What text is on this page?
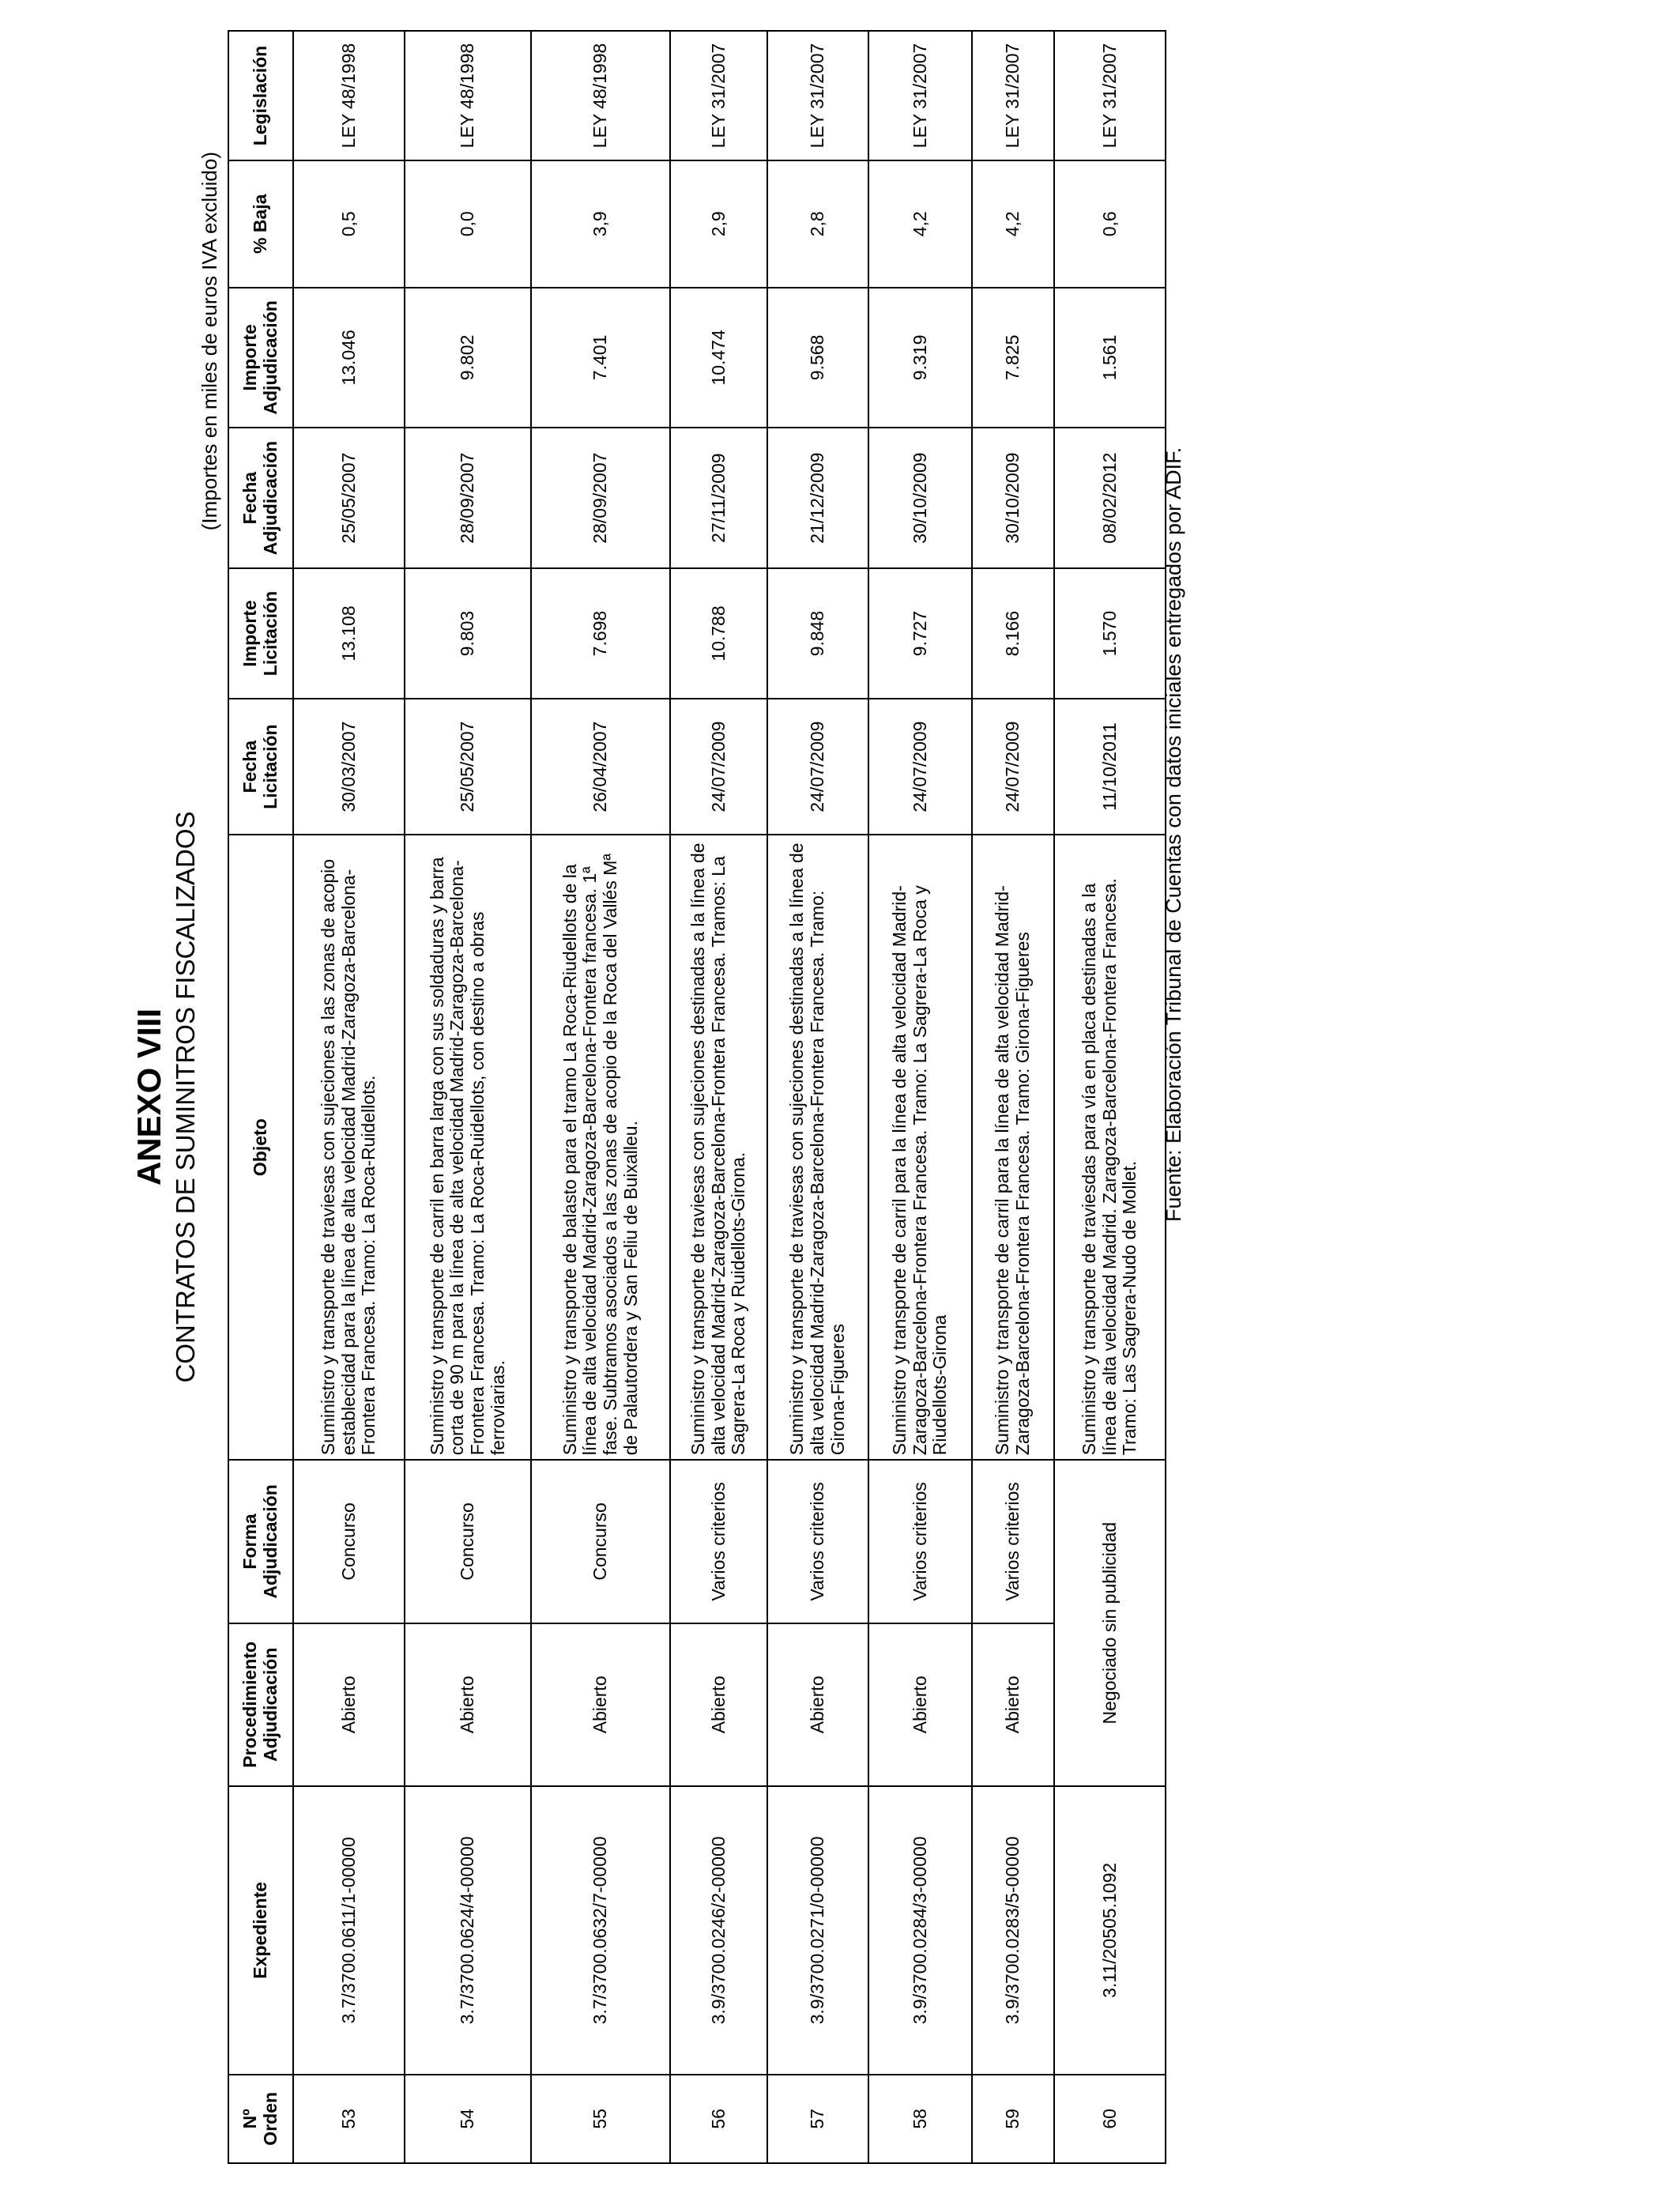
ANEXO VIII CONTRATOS DE SUMINITROS FISCALIZADOS
(Importes en miles de euros IVA excluido)
Nº Orden	Expediente	Procedimiento Adjudicación	Forma Adjudicación	Objeto	Fecha Licitación	Importe Licitación	Fecha Adjudicación	Importe Adjudicación	% Baja	Legislación
53	3.7/3700.0611/1-00000	Abierto	Concurso	Suministro y transporte de traviesas con sujeciones a las zonas de acopio establecidad para la línea de alta velocidad Madrid-Zaragoza-Barcelona-Frontera Francesa. Tramo: La Roca-Ruidellots.	30/03/2007	13.108	25/05/2007	13.046	0,5	LEY 48/1998
54	3.7/3700.0624/4-00000	Abierto	Concurso	Suministro y transporte de carril en barra larga con sus soldaduras y barra corta de 90 m para la línea de alta velocidad Madrid-Zaragoza-Barcelona-Frontera Francesa. Tramo: La Roca-Ruidellots, con destino a obras ferroviarias.	25/05/2007	9.803	28/09/2007	9.802	0,0	LEY 48/1998
55	3.7/3700.0632/7-00000	Abierto	Concurso	Suministro y transporte de balasto para el tramo La Roca-Riudellots de la línea de alta velocidad Madrid-Zaragoza-Barcelona-Frontera francesa. 1ª fase. Subtramos asociados a las zonas de acopio de la Roca del Vallés Mª de Palautordera y San Feliu de Buixalleu.	26/04/2007	7.698	28/09/2007	7.401	3,9	LEY 48/1998
56	3.9/3700.0246/2-00000	Abierto	Varios criterios	Suministro y transporte de traviesas con sujeciones destinadas a la línea de alta velocidad Madrid-Zaragoza-Barcelona-Frontera Francesa. Tramos: La Sagrera-La Roca y Ruidellots-Girona.	24/07/2009	10.788	27/11/2009	10.474	2,9	LEY 31/2007
57	3.9/3700.0271/0-00000	Abierto	Varios criterios	Suministro y transporte de traviesas con sujeciones destinadas a la línea de alta velocidad Madrid-Zaragoza-Barcelona-Frontera Francesa. Tramo: Girona-Figueres	24/07/2009	9.848	21/12/2009	9.568	2,8	LEY 31/2007
58	3.9/3700.0284/3-00000	Abierto	Varios criterios	Suministro y transporte de carril para la línea de alta velocidad Madrid-Zaragoza-Barcelona-Frontera Francesa. Tramo: La Sagrera-La Roca y Riudellots-Girona	24/07/2009	9.727	30/10/2009	9.319	4,2	LEY 31/2007
59	3.9/3700.0283/5-00000	Abierto	Varios criterios	Suministro y transporte de carril para la línea de alta velocidad Madrid-Zaragoza-Barcelona-Frontera Francesa. Tramo: Girona-Figueres	24/07/2009	8.166	30/10/2009	7.825	4,2	LEY 31/2007
60	3.11/20505.1092	Negociado sin publicidad		Suministro y transporte de traviesdas para vía en placa destinadas a la línea de alta velocidad Madrid. Zaragoza-Barcelona-Frontera Francesa. Tramo: Las Sagrera-Nudo de Mollet.	11/10/2011	1.570	08/02/2012	1.561	0,6	LEY 31/2007
Fuente: Elaboración Tribunal de Cuentas con datos iniciales entregados por ADIF.
